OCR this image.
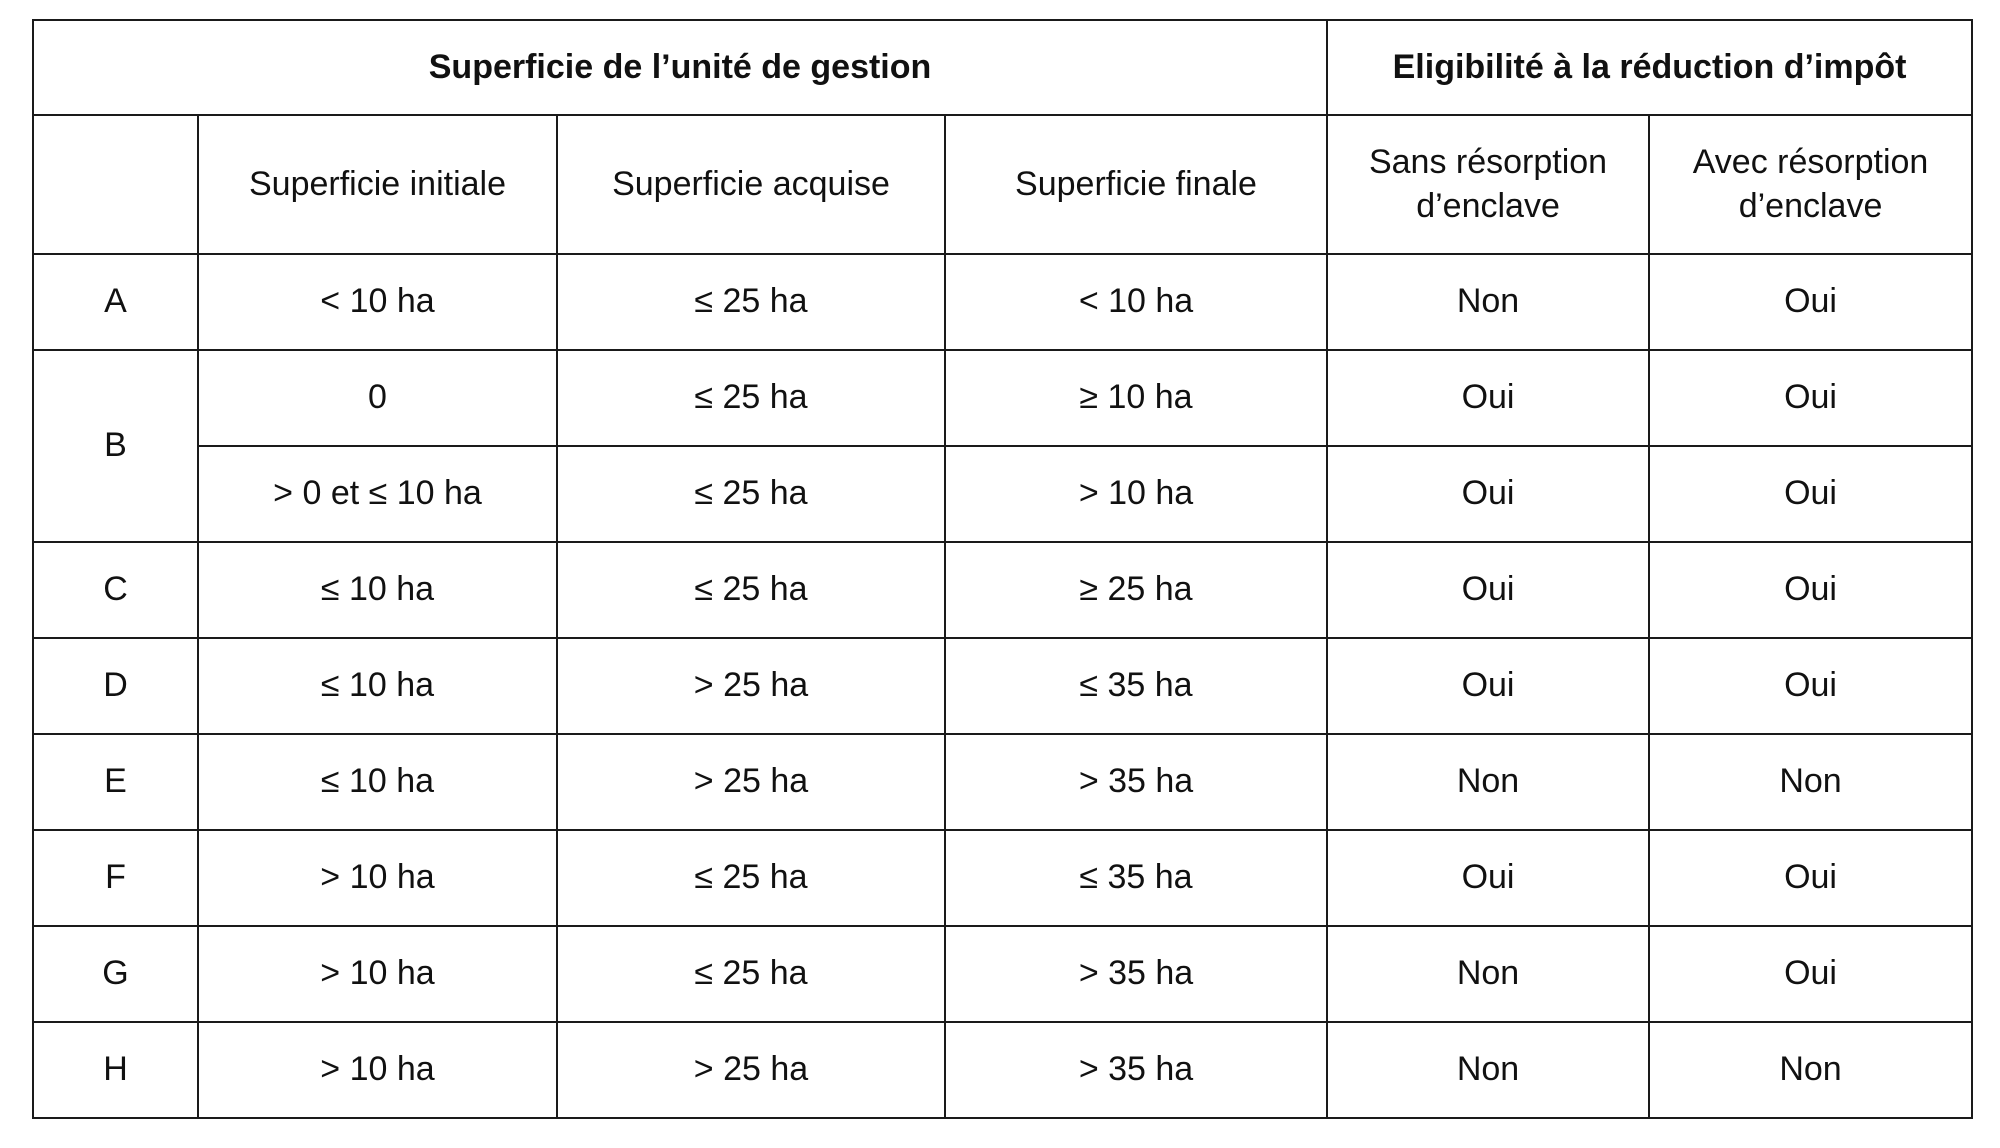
Superficie de l’unité de gestion				Eligibilité à la réduction d’impôt	
	Superficie initiale	Superficie acquise	Superficie finale	Sans résorption d’enclave	Avec résorption d’enclave
A	< 10 ha	≤ 25 ha	< 10 ha	Non	Oui
B	0	≤ 25 ha	≥ 10 ha	Oui	Oui
	> 0 et ≤ 10 ha	≤ 25 ha	> 10 ha	Oui	Oui
C	≤ 10 ha	≤ 25 ha	≥ 25 ha	Oui	Oui
D	≤ 10 ha	> 25 ha	≤ 35 ha	Oui	Oui
E	≤ 10 ha	> 25 ha	> 35 ha	Non	Non
F	> 10 ha	≤ 25 ha	≤ 35 ha	Oui	Oui
G	> 10 ha	≤ 25 ha	> 35 ha	Non	Oui
H	> 10 ha	> 25 ha	> 35 ha	Non	Non
